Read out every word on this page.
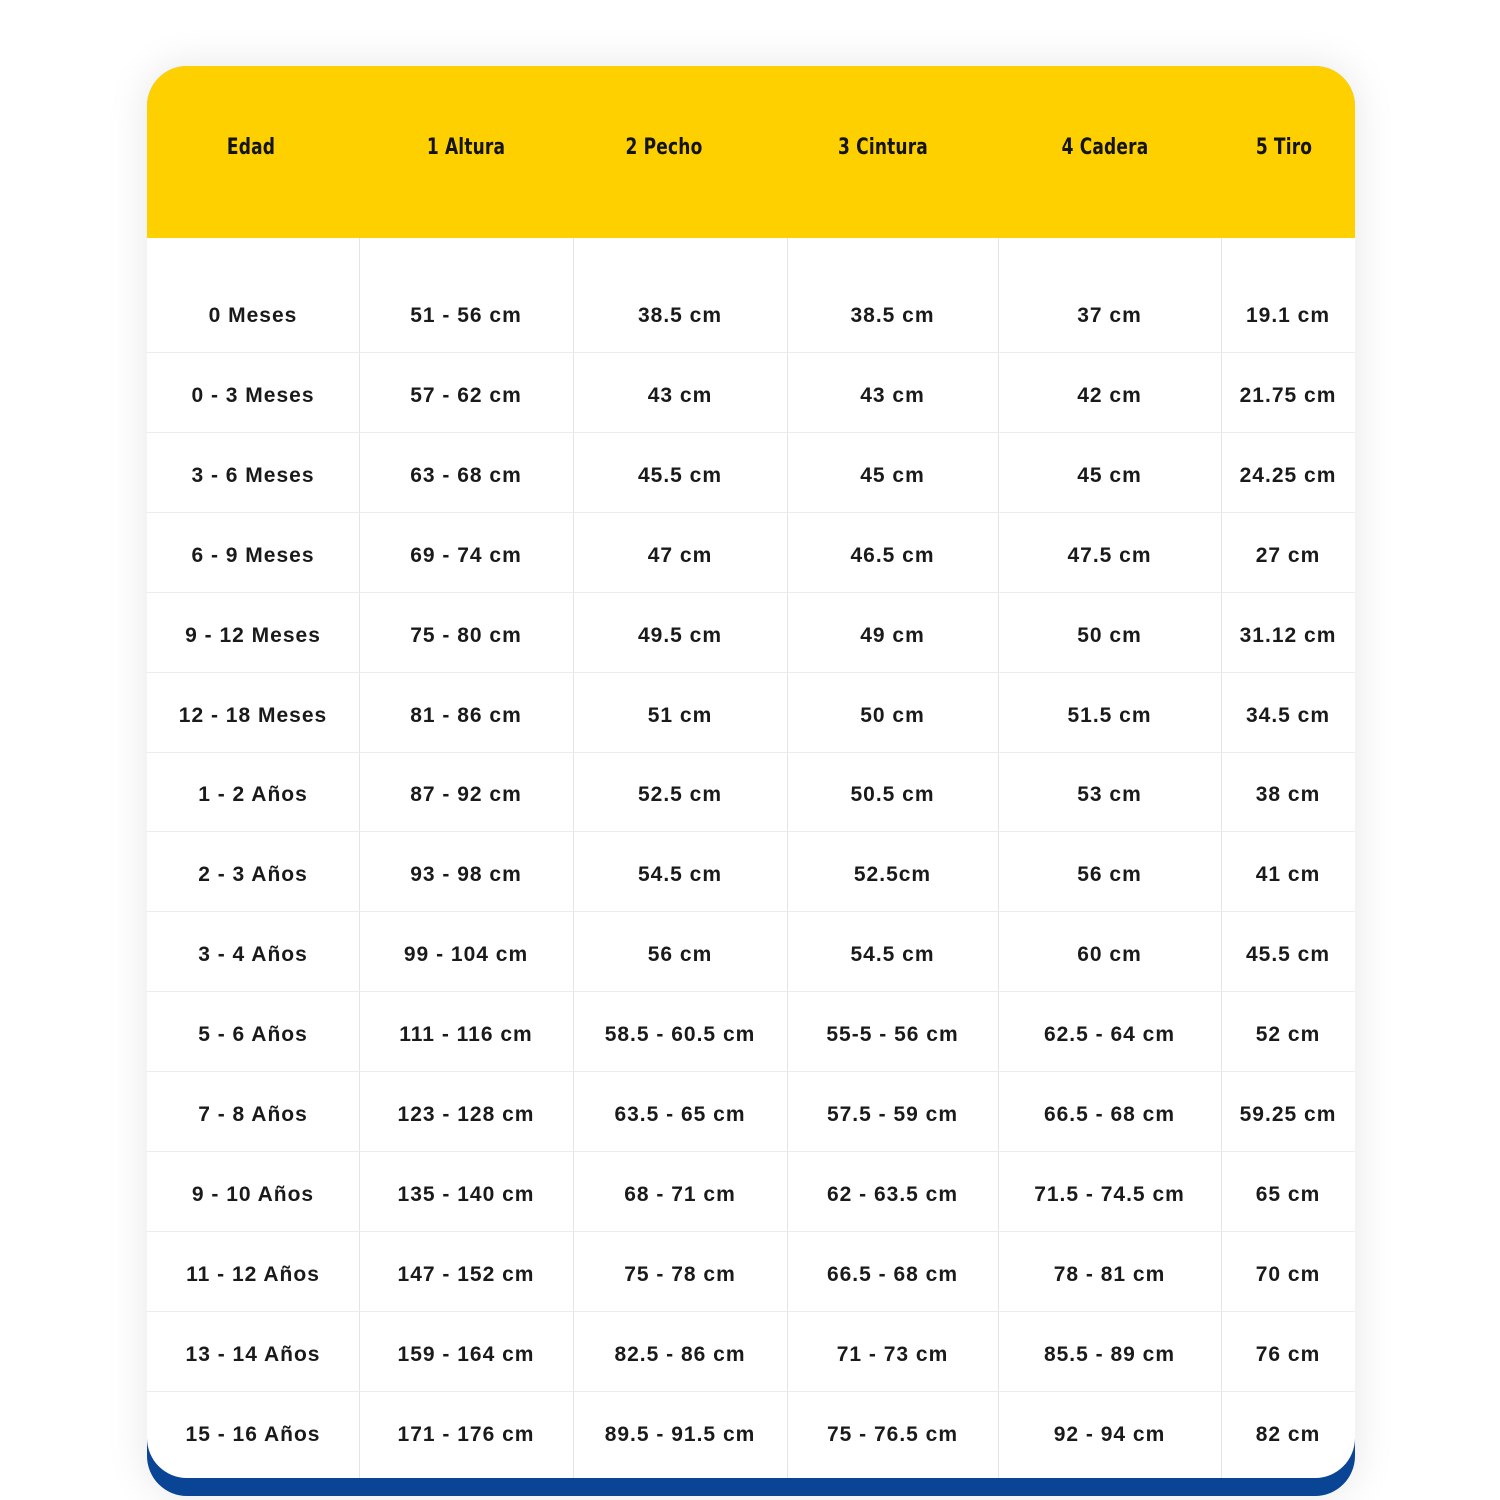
Edad	1 Altura	2 Pecho	3 Cintura	4 Cadera	5 Tiro
0 Meses	51 - 56 cm	38.5 cm	38.5 cm	37 cm	19.1 cm
0 - 3 Meses	57 - 62 cm	43 cm	43 cm	42 cm	21.75 cm
3 - 6 Meses	63 - 68 cm	45.5 cm	45 cm	45 cm	24.25 cm
6 - 9 Meses	69 - 74 cm	47 cm	46.5 cm	47.5 cm	27 cm
9 - 12 Meses	75 - 80 cm	49.5 cm	49 cm	50 cm	31.12 cm
12 - 18 Meses	81 - 86 cm	51 cm	50 cm	51.5 cm	34.5 cm
1 - 2 Años	87 - 92 cm	52.5 cm	50.5 cm	53 cm	38 cm
2 - 3 Años	93 - 98 cm	54.5 cm	52.5cm	56 cm	41 cm
3 - 4 Años	99 - 104 cm	56 cm	54.5 cm	60 cm	45.5 cm
5 - 6 Años	111 - 116 cm	58.5 - 60.5 cm	55-5 - 56 cm	62.5 - 64 cm	52 cm
7 - 8 Años	123 - 128 cm	63.5 - 65 cm	57.5 - 59 cm	66.5 - 68 cm	59.25 cm
9 - 10 Años	135 - 140 cm	68 - 71 cm	62 - 63.5 cm	71.5 - 74.5 cm	65 cm
11 - 12 Años	147 - 152 cm	75 - 78 cm	66.5 - 68 cm	78 - 81 cm	70 cm
13 - 14 Años	159 - 164 cm	82.5 - 86 cm	71 - 73 cm	85.5 - 89 cm	76 cm
15 - 16 Años	171 - 176 cm	89.5 - 91.5 cm	75 - 76.5 cm	92 - 94 cm	82 cm
